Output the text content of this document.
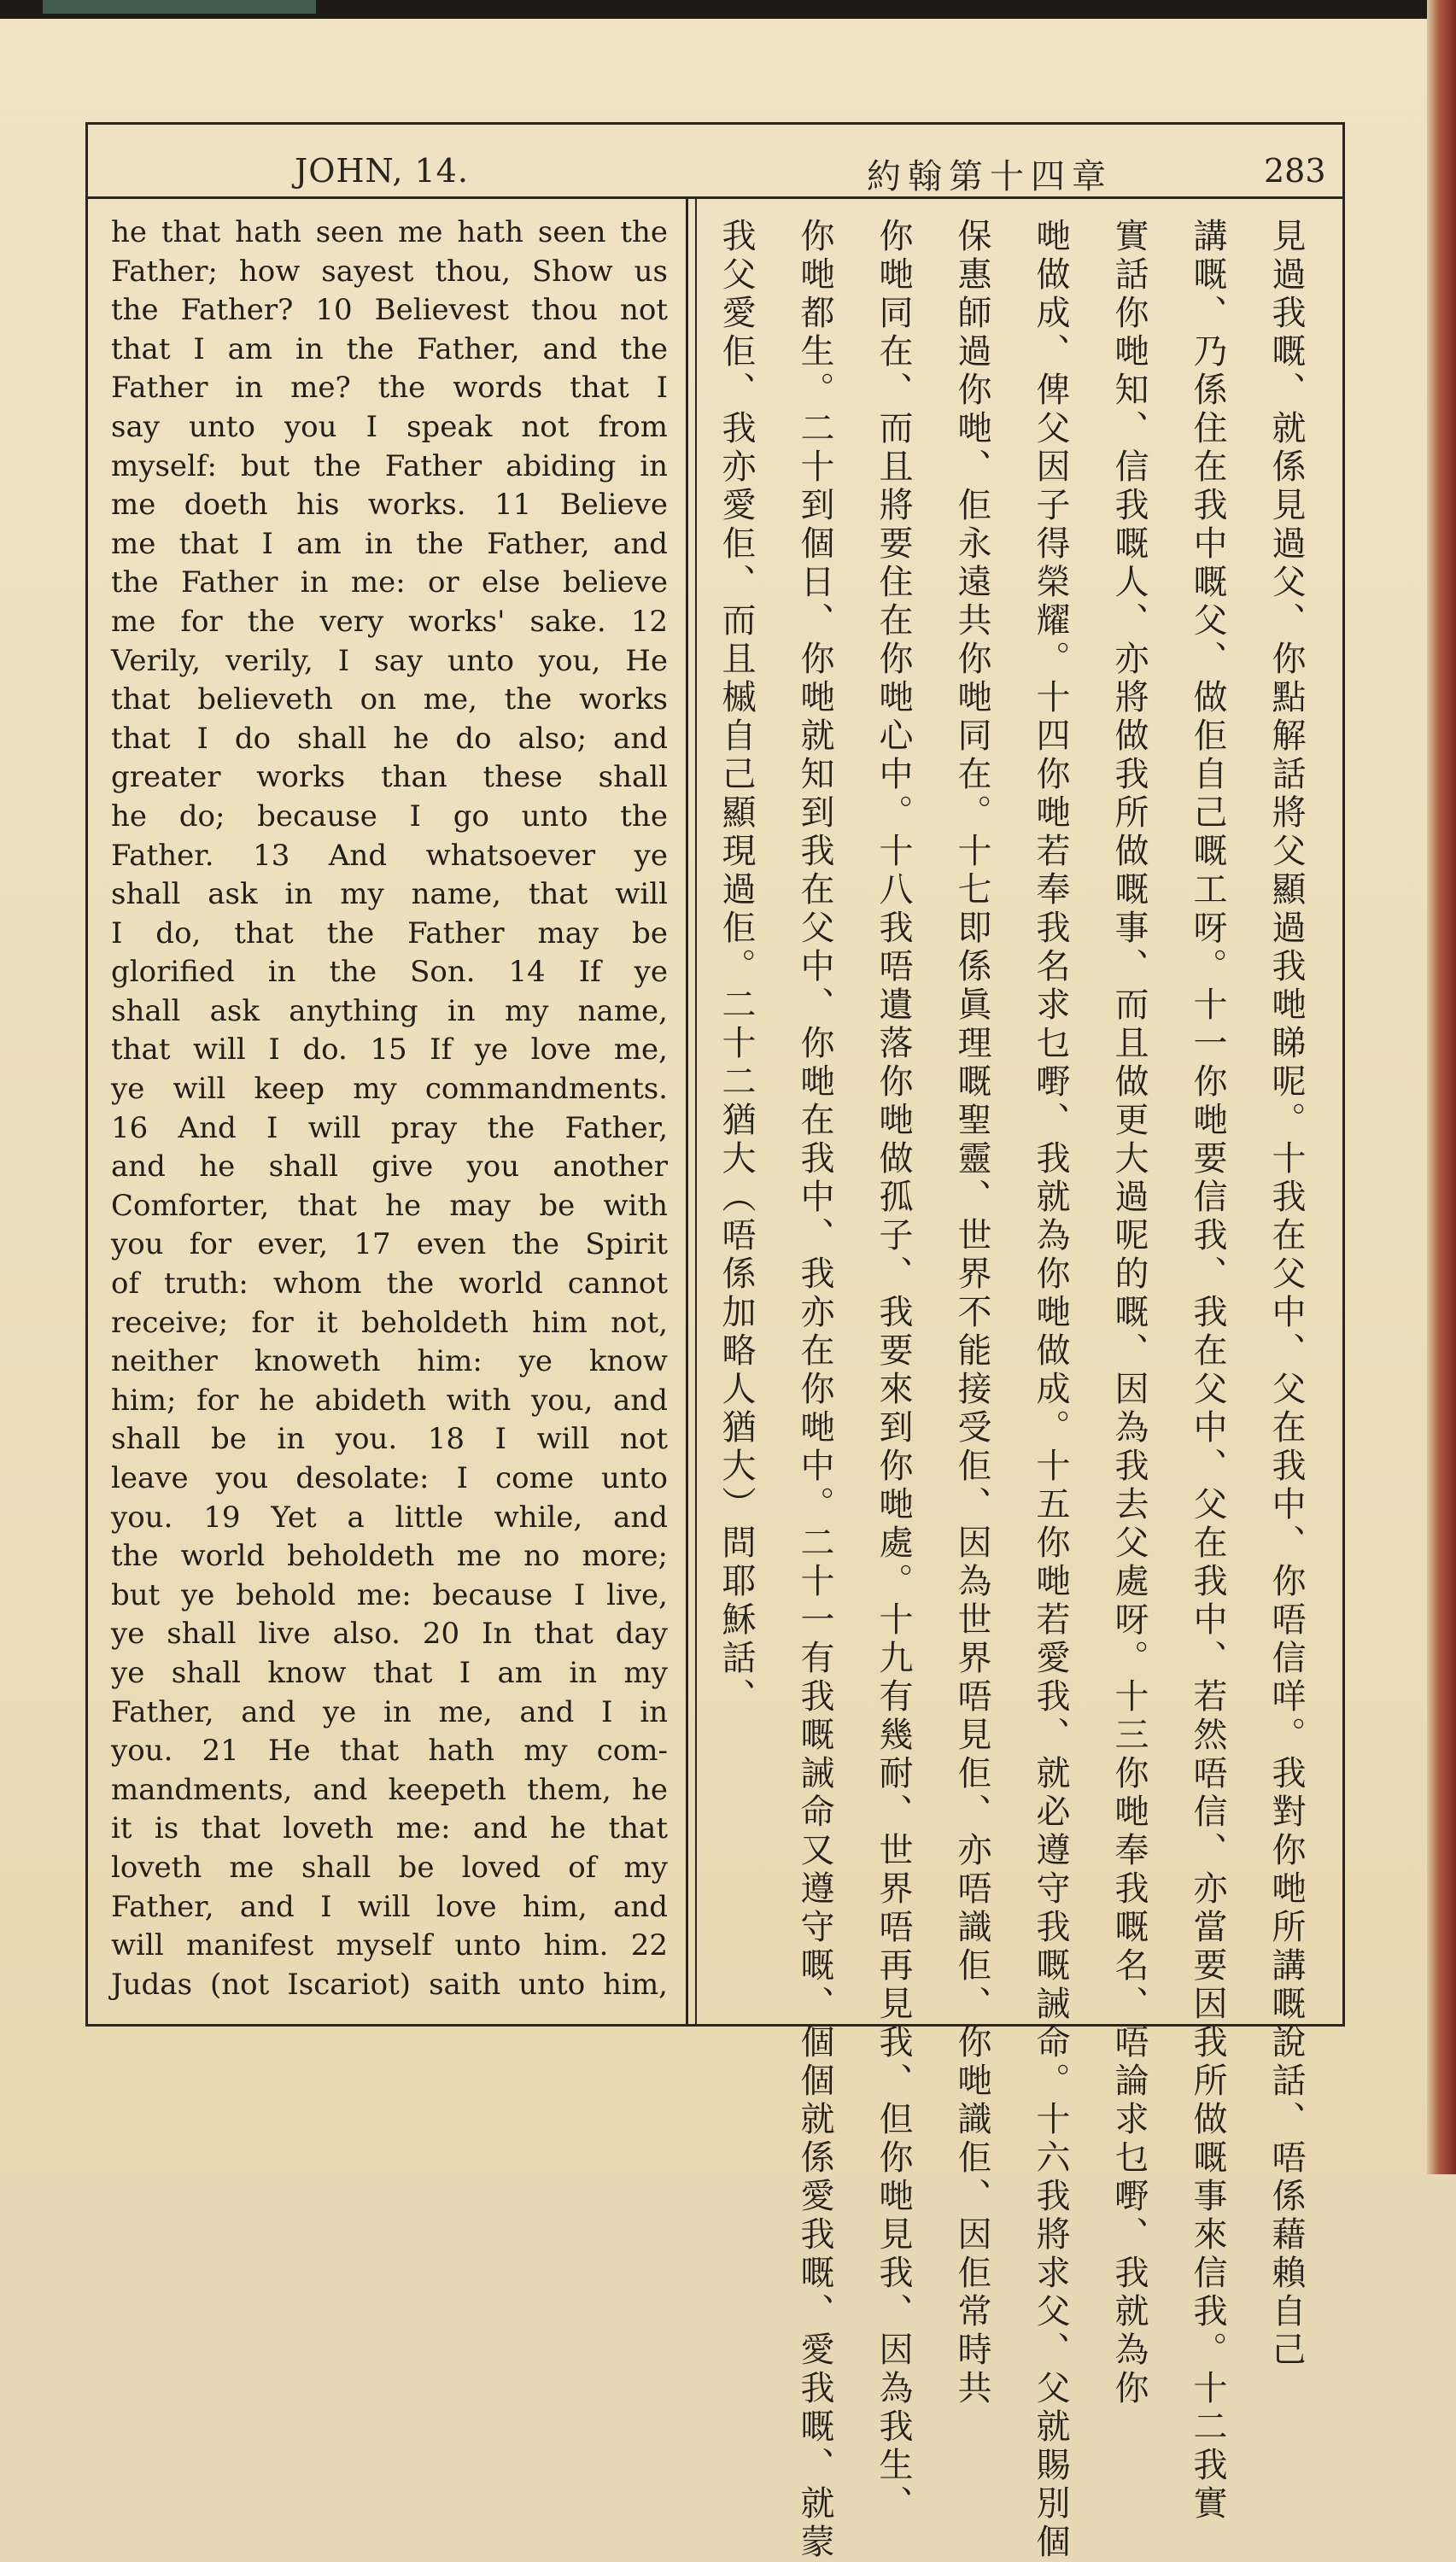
JOHN, 14.	約翰第十四章	283
he that hath seen me hath seen the
Father; how sayest thou, Show us
the Father? 10 Believest thou not
that I am in the Father, and the
Father in me? the words that I
say unto you I speak not from
myself: but the Father abiding in
me doeth his works. 11 Believe
me that I am in the Father, and
the Father in me: or else believe
me for the very works' sake. 12
Verily, verily, I say unto you, He
that believeth on me, the works
that I do shall he do also; and
greater works than these shall
he do; because I go unto the
Father. 13 And whatsoever ye
shall ask in my name, that will
I do, that the Father may be
glorified in the Son. 14 If ye
shall ask anything in my name,
that will I do. 15 If ye love me,
ye will keep my commandments.
16 And I will pray the Father,
and he shall give you another
Comforter, that he may be with
you for ever, 17 even the Spirit
of truth: whom the world cannot
receive; for it beholdeth him not,
neither knoweth him: ye know
him; for he abideth with you, and
shall be in you. 18 I will not
leave you desolate: I come unto
you. 19 Yet a little while, and
the world beholdeth me no more;
but ye behold me: because I live,
ye shall live also. 20 In that day
ye shall know that I am in my
Father, and ye in me, and I in
you. 21 He that hath my com-
mandments, and keepeth them, he
it is that loveth me: and he that
loveth me shall be loved of my
Father, and I will love him, and
will manifest myself unto him. 22
Judas (not Iscariot) saith unto him,	見過我嘅、就係見過父、你點解話將父顯過我哋睇呢。十我在父中、父在我中、你唔信咩。我對你哋所講嘅說話、唔係藉賴自己
講嘅、乃係住在我中嘅父、做佢自己嘅工呀。十一你哋要信我、我在父中、父在我中、若然唔信、亦當要因我所做嘅事來信我。十二我實
實話你哋知、信我嘅人、亦將做我所做嘅事、而且做更大過呢的嘅、因為我去父處呀。十三你哋奉我嘅名、唔論求乜嘢、我就為你
哋做成、俾父因子得榮耀。十四你哋若奉我名求乜嘢、我就為你哋做成。十五你哋若愛我、就必遵守我嘅誡命。十六我將求父、父就賜別個
保惠師過你哋、佢永遠共你哋同在。十七即係眞理嘅聖靈、世界不能接受佢、因為世界唔見佢、亦唔識佢、你哋識佢、因佢常時共
你哋同在、而且將要住在你哋心中。十八我唔遺落你哋做孤子、我要來到你哋處。十九有幾耐、世界唔再見我、但你哋見我、因為我生、
你哋都生。二十到個日、你哋就知到我在父中、你哋在我中、我亦在你哋中。二十一有我嘅誡命又遵守嘅、個個就係愛我嘅、愛我嘅、就蒙
我父愛佢、我亦愛佢、而且槭自己顯現過佢。二十二猶大（唔係加略人猶大）問耶穌話、
